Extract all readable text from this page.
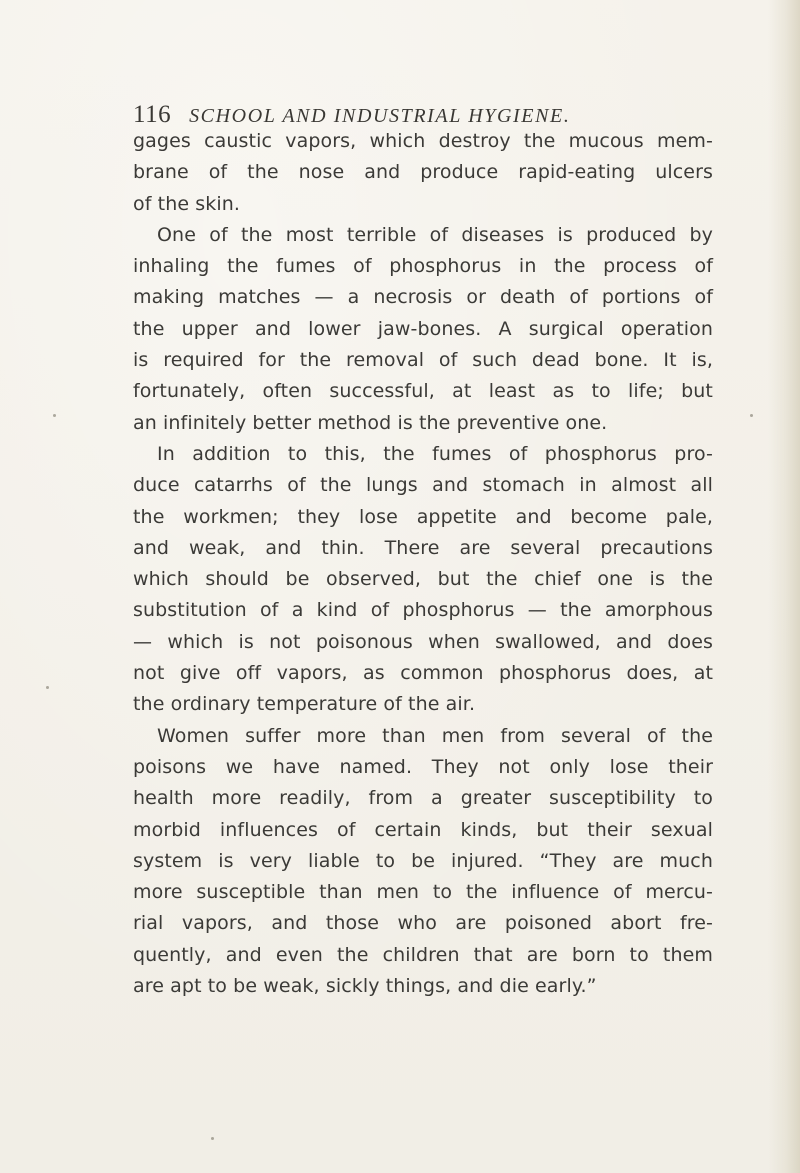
116 SCHOOL AND INDUSTRIAL HYGIENE.
gages caustic vapors, which destroy the mucous mem-
brane of the nose and produce rapid-eating ulcers
of the skin.
One of the most terrible of diseases is produced by
inhaling the fumes of phosphorus in the process of
making matches — a necrosis or death of portions of
the upper and lower jaw-bones. A surgical operation
is required for the removal of such dead bone. It is,
fortunately, often successful, at least as to life; but
an infinitely better method is the preventive one.
In addition to this, the fumes of phosphorus pro-
duce catarrhs of the lungs and stomach in almost all
the workmen; they lose appetite and become pale,
and weak, and thin. There are several precautions
which should be observed, but the chief one is the
substitution of a kind of phosphorus — the amorphous
— which is not poisonous when swallowed, and does
not give off vapors, as common phosphorus does, at
the ordinary temperature of the air.
Women suffer more than men from several of the
poisons we have named. They not only lose their
health more readily, from a greater susceptibility to
morbid influences of certain kinds, but their sexual
system is very liable to be injured. “They are much
more susceptible than men to the influence of mercu-
rial vapors, and those who are poisoned abort fre-
quently, and even the children that are born to them
are apt to be weak, sickly things, and die early.”
